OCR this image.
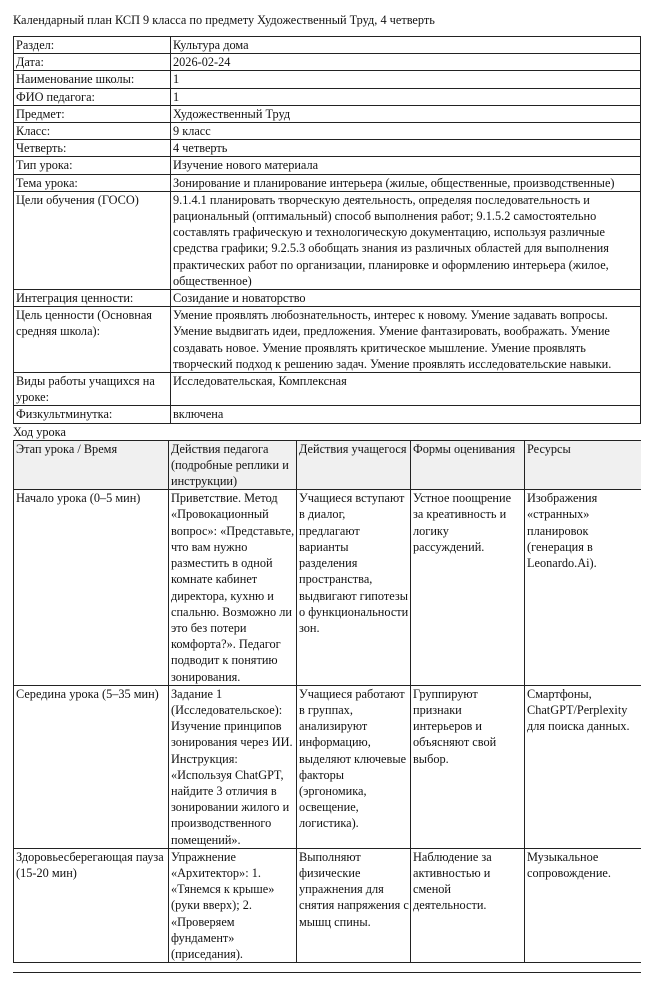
Календарный план КСП 9 класса по предмету Художественный Труд, 4 четверть
Раздел:	Культура дома
Дата:	2026-02-24
Наименование школы:	1
ФИО педагога:	1
Предмет:	Художественный Труд
Класс:	9 класс
Четверть:	4 четверть
Тип урока:	Изучение нового материала
Тема урока:	Зонирование и планирование интерьера (жилые, общественные, производственные)
Цели обучения (ГОСО)	9.1.4.1 планировать творческую деятельность, определяя последовательность и рациональный (оптимальный) способ выполнения работ; 9.1.5.2 самостоятельно составлять графическую и технологическую документацию, используя различные средства графики; 9.2.5.3 обобщать знания из различных областей для выполнения практических работ по организации, планировке и оформлению интерьера (жилое, общественное)
Интеграция ценности:	Созидание и новаторство
Цель ценности (Основная средняя школа):	Умение проявлять любознательность, интерес к новому. Умение задавать вопросы. Умение выдвигать идеи, предложения. Умение фантазировать, воображать. Умение создавать новое. Умение проявлять критическое мышление. Умение проявлять творческий подход к решению задач. Умение проявлять исследовательские навыки.
Виды работы учащихся на уроке:	Исследовательская, Комплексная
Физкультминутка:	включена
Ход урока
Этап урока / Время	Действия педагога (подробные реплики и инструкции)	Действия учащегося	Формы оценивания	Ресурсы
Начало урока (0–5 мин)	Приветствие. Метод «Провокационный вопрос»: «Представьте, что вам нужно разместить в одной комнате кабинет директора, кухню и спальню. Возможно ли это без потери комфорта?». Педагог подводит к понятию зонирования.	Учащиеся вступают в диалог, предлагают варианты разделения пространства, выдвигают гипотезы о функциональности зон.	Устное поощрение за креативность и логику рассуждений.	Изображения «странных» планировок (генерация в Leonardo.Ai).
Середина урока (5–35 мин)	Задание 1 (Исследовательское): Изучение принципов зонирования через ИИ. Инструкция: «Используя ChatGPT, найдите 3 отличия в зонировании жилого и производственного помещений».	Учащиеся работают в группах, анализируют информацию, выделяют ключевые факторы (эргономика, освещение, логистика).	Группируют признаки интерьеров и объясняют свой выбор.	Смартфоны, ChatGPT/Perplexity для поиска данных.
Здоровьесберегающая пауза (15-20 мин)	Упражнение «Архитектор»: 1. «Тянемся к крыше» (руки вверх); 2. «Проверяем фундамент» (приседания).	Выполняют физические упражнения для снятия напряжения с мышц спины.	Наблюдение за активностью и сменой деятельности.	Музыкальное сопровождение.
